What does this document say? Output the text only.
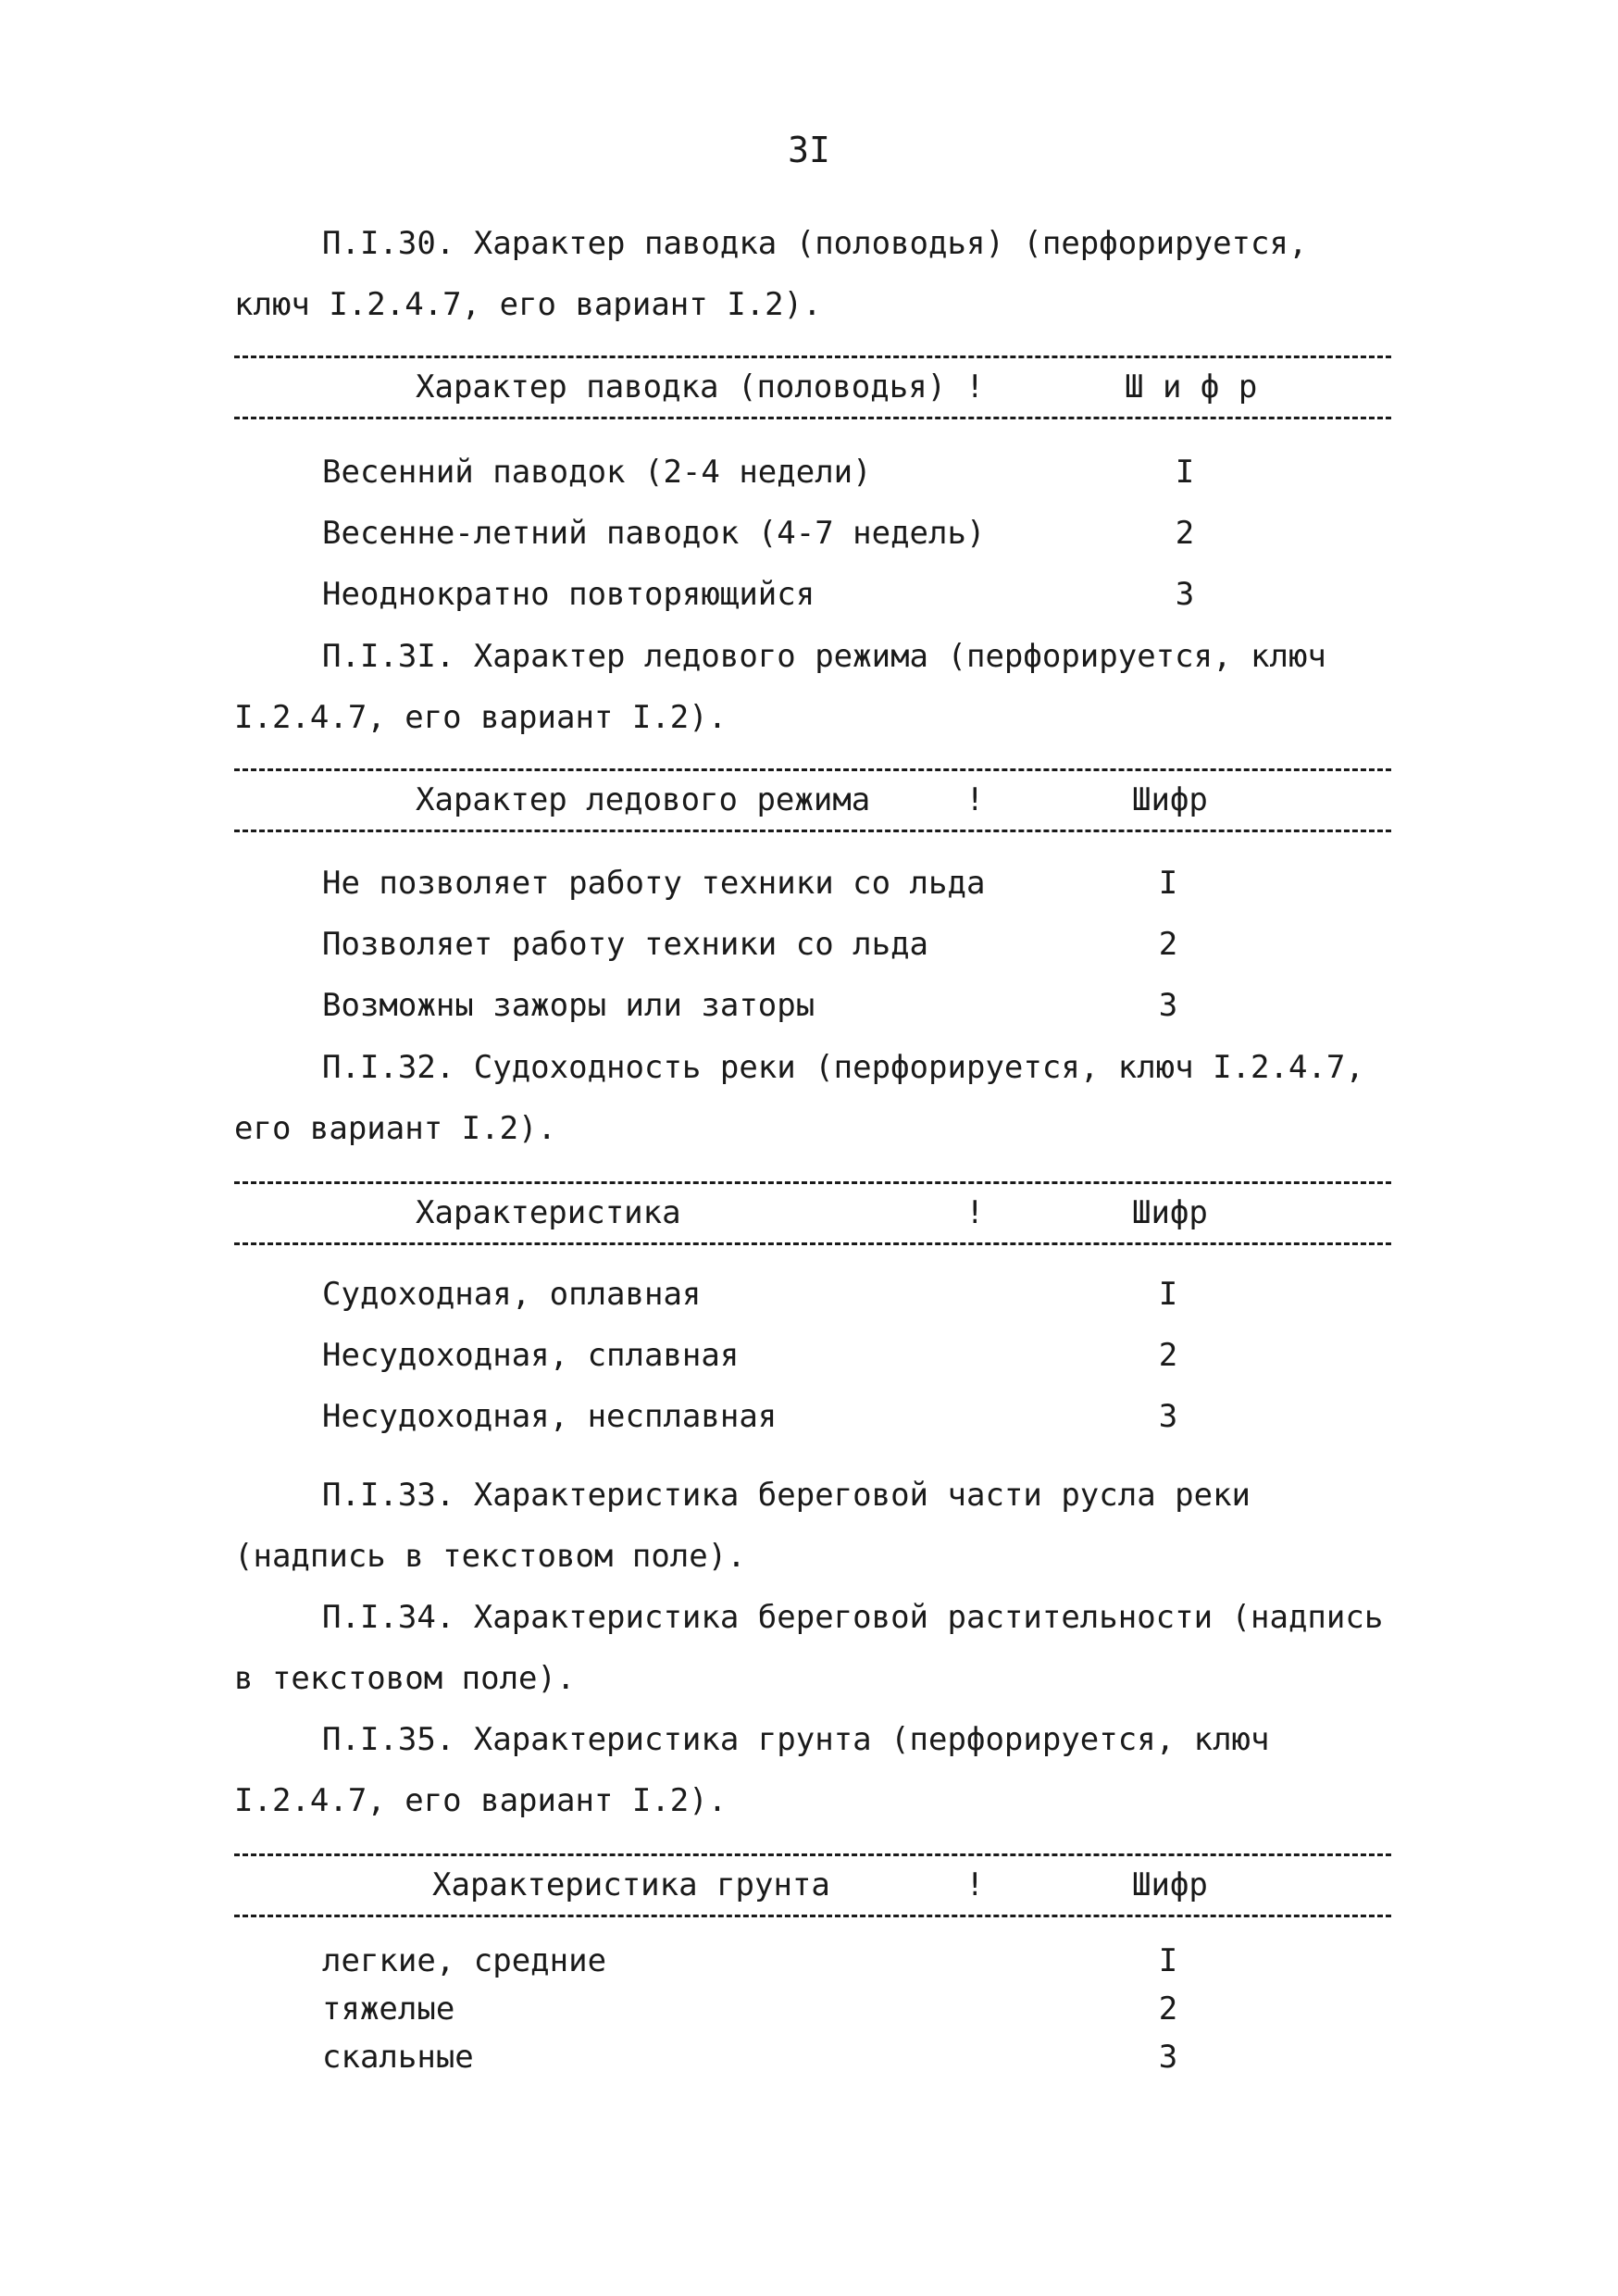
3I

П.I.30. Характер паводка (половодья) (перфорируется, ключ I.2.4.7, его вариант I.2).

Характер паводка (половодья) !	Ш и ф р
Весенний паводок (2-4 недели)	I
Весенне-летний паводок (4-7 недель)	2
Неоднократно повторяющийся	3

П.I.3I. Характер ледового режима (перфорируется, ключ I.2.4.7, его вариант I.2).

Характер ледового режима	!	Шифр
Не позволяет работу техники со льда	I
Позволяет работу техники со льда	2
Возможны зажоры или заторы	3

П.I.32. Судоходность реки (перфорируется, ключ I.2.4.7, его вариант I.2).

Характеристика	!	Шифр
Судоходная, оплавная	I
Несудоходная, сплавная	2
Несудоходная, несплавная	3

П.I.33. Характеристика береговой части русла реки (надпись в текстовом поле).

П.I.34. Характеристика береговой растительности (надпись в текстовом поле).

П.I.35. Характеристика грунта (перфорируется, ключ I.2.4.7, его вариант I.2).

Характеристика грунта	!	Шифр
легкие, средние	I
тяжелые	2
скальные	3
